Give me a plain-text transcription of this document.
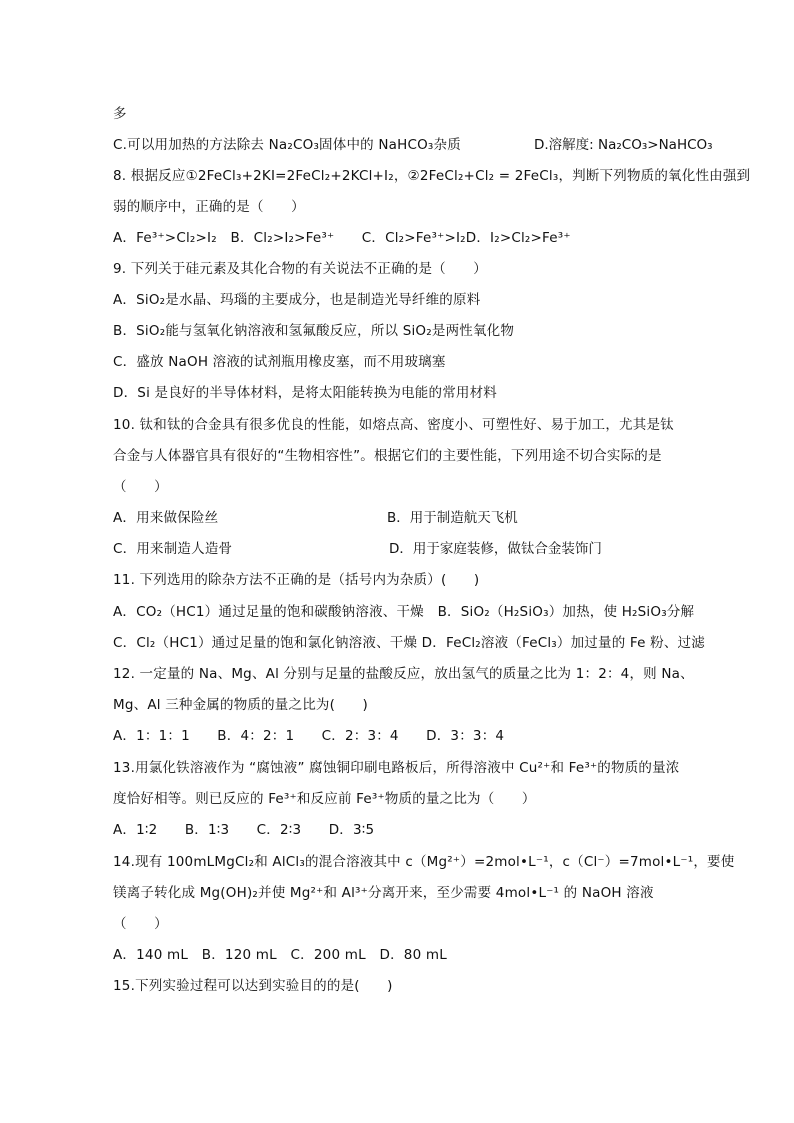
多
C.可以用加热的方法除去 Na₂CO₃固体中的 NaHCO₃杂质	D.溶解度: Na₂CO₃>NaHCO₃
8. 根据反应①2FeCl₃+2KI=2FeCl₂+2KCl+I₂，②2FeCl₂+Cl₂ = 2FeCl₃，判断下列物质的氧化性由强到
弱的顺序中，正确的是（　　）
A．Fe³⁺>Cl₂>I₂　B．Cl₂>I₂>Fe³⁺　　C．Cl₂>Fe³⁺>I₂D．I₂>Cl₂>Fe³⁺
9. 下列关于硅元素及其化合物的有关说法不正确的是（　　）
A．SiO₂是水晶、玛瑙的主要成分，也是制造光导纤维的原料
B．SiO₂能与氢氧化钠溶液和氢氟酸反应，所以 SiO₂是两性氧化物
C．盛放 NaOH 溶液的试剂瓶用橡皮塞，而不用玻璃塞
D．Si 是良好的半导体材料，是将太阳能转换为电能的常用材料
10. 钛和钛的合金具有很多优良的性能，如熔点高、密度小、可塑性好、易于加工，尤其是钛
合金与人体器官具有很好的“生物相容性”。根据它们的主要性能，下列用途不切合实际的是
（　　）
A．用来做保险丝	B．用于制造航天飞机
C．用来制造人造骨	D．用于家庭装修，做钛合金装饰门
11. 下列选用的除杂方法不正确的是（括号内为杂质）(　　)
A．CO₂（HC1）通过足量的饱和碳酸钠溶液、干燥　B．SiO₂（H₂SiO₃）加热，使 H₂SiO₃分解
C．Cl₂（HC1）通过足量的饱和氯化钠溶液、干燥 D．FeCl₂溶液（FeCl₃）加过量的 Fe 粉、过滤
12. 一定量的 Na、Mg、Al 分别与足量的盐酸反应，放出氢气的质量之比为 1：2：4，则 Na、
Mg、Al 三种金属的物质的量之比为(　　)
A．1：1：1　　B．4：2：1　　C．2：3：4　　D．3：3：4
13.用氯化铁溶液作为 “腐蚀液” 腐蚀铜印刷电路板后，所得溶液中 Cu²⁺和 Fe³⁺的物质的量浓
度恰好相等。则已反应的 Fe³⁺和反应前 Fe³⁺物质的量之比为（　　）
A．1∶2　　B．1∶3　　C．2∶3　　D．3∶5
14.现有 100mLMgCl₂和 AlCl₃的混合溶液其中 c（Mg²⁺）=2mol•L⁻¹，c（Cl⁻）=7mol•L⁻¹，要使
镁离子转化成 Mg(OH)₂并使 Mg²⁺和 Al³⁺分离开来，至少需要 4mol•L⁻¹ 的 NaOH 溶液
（　　）
A．140 mL　B．120 mL　C．200 mL　D．80 mL
15.下列实验过程可以达到实验目的的是(　　)
